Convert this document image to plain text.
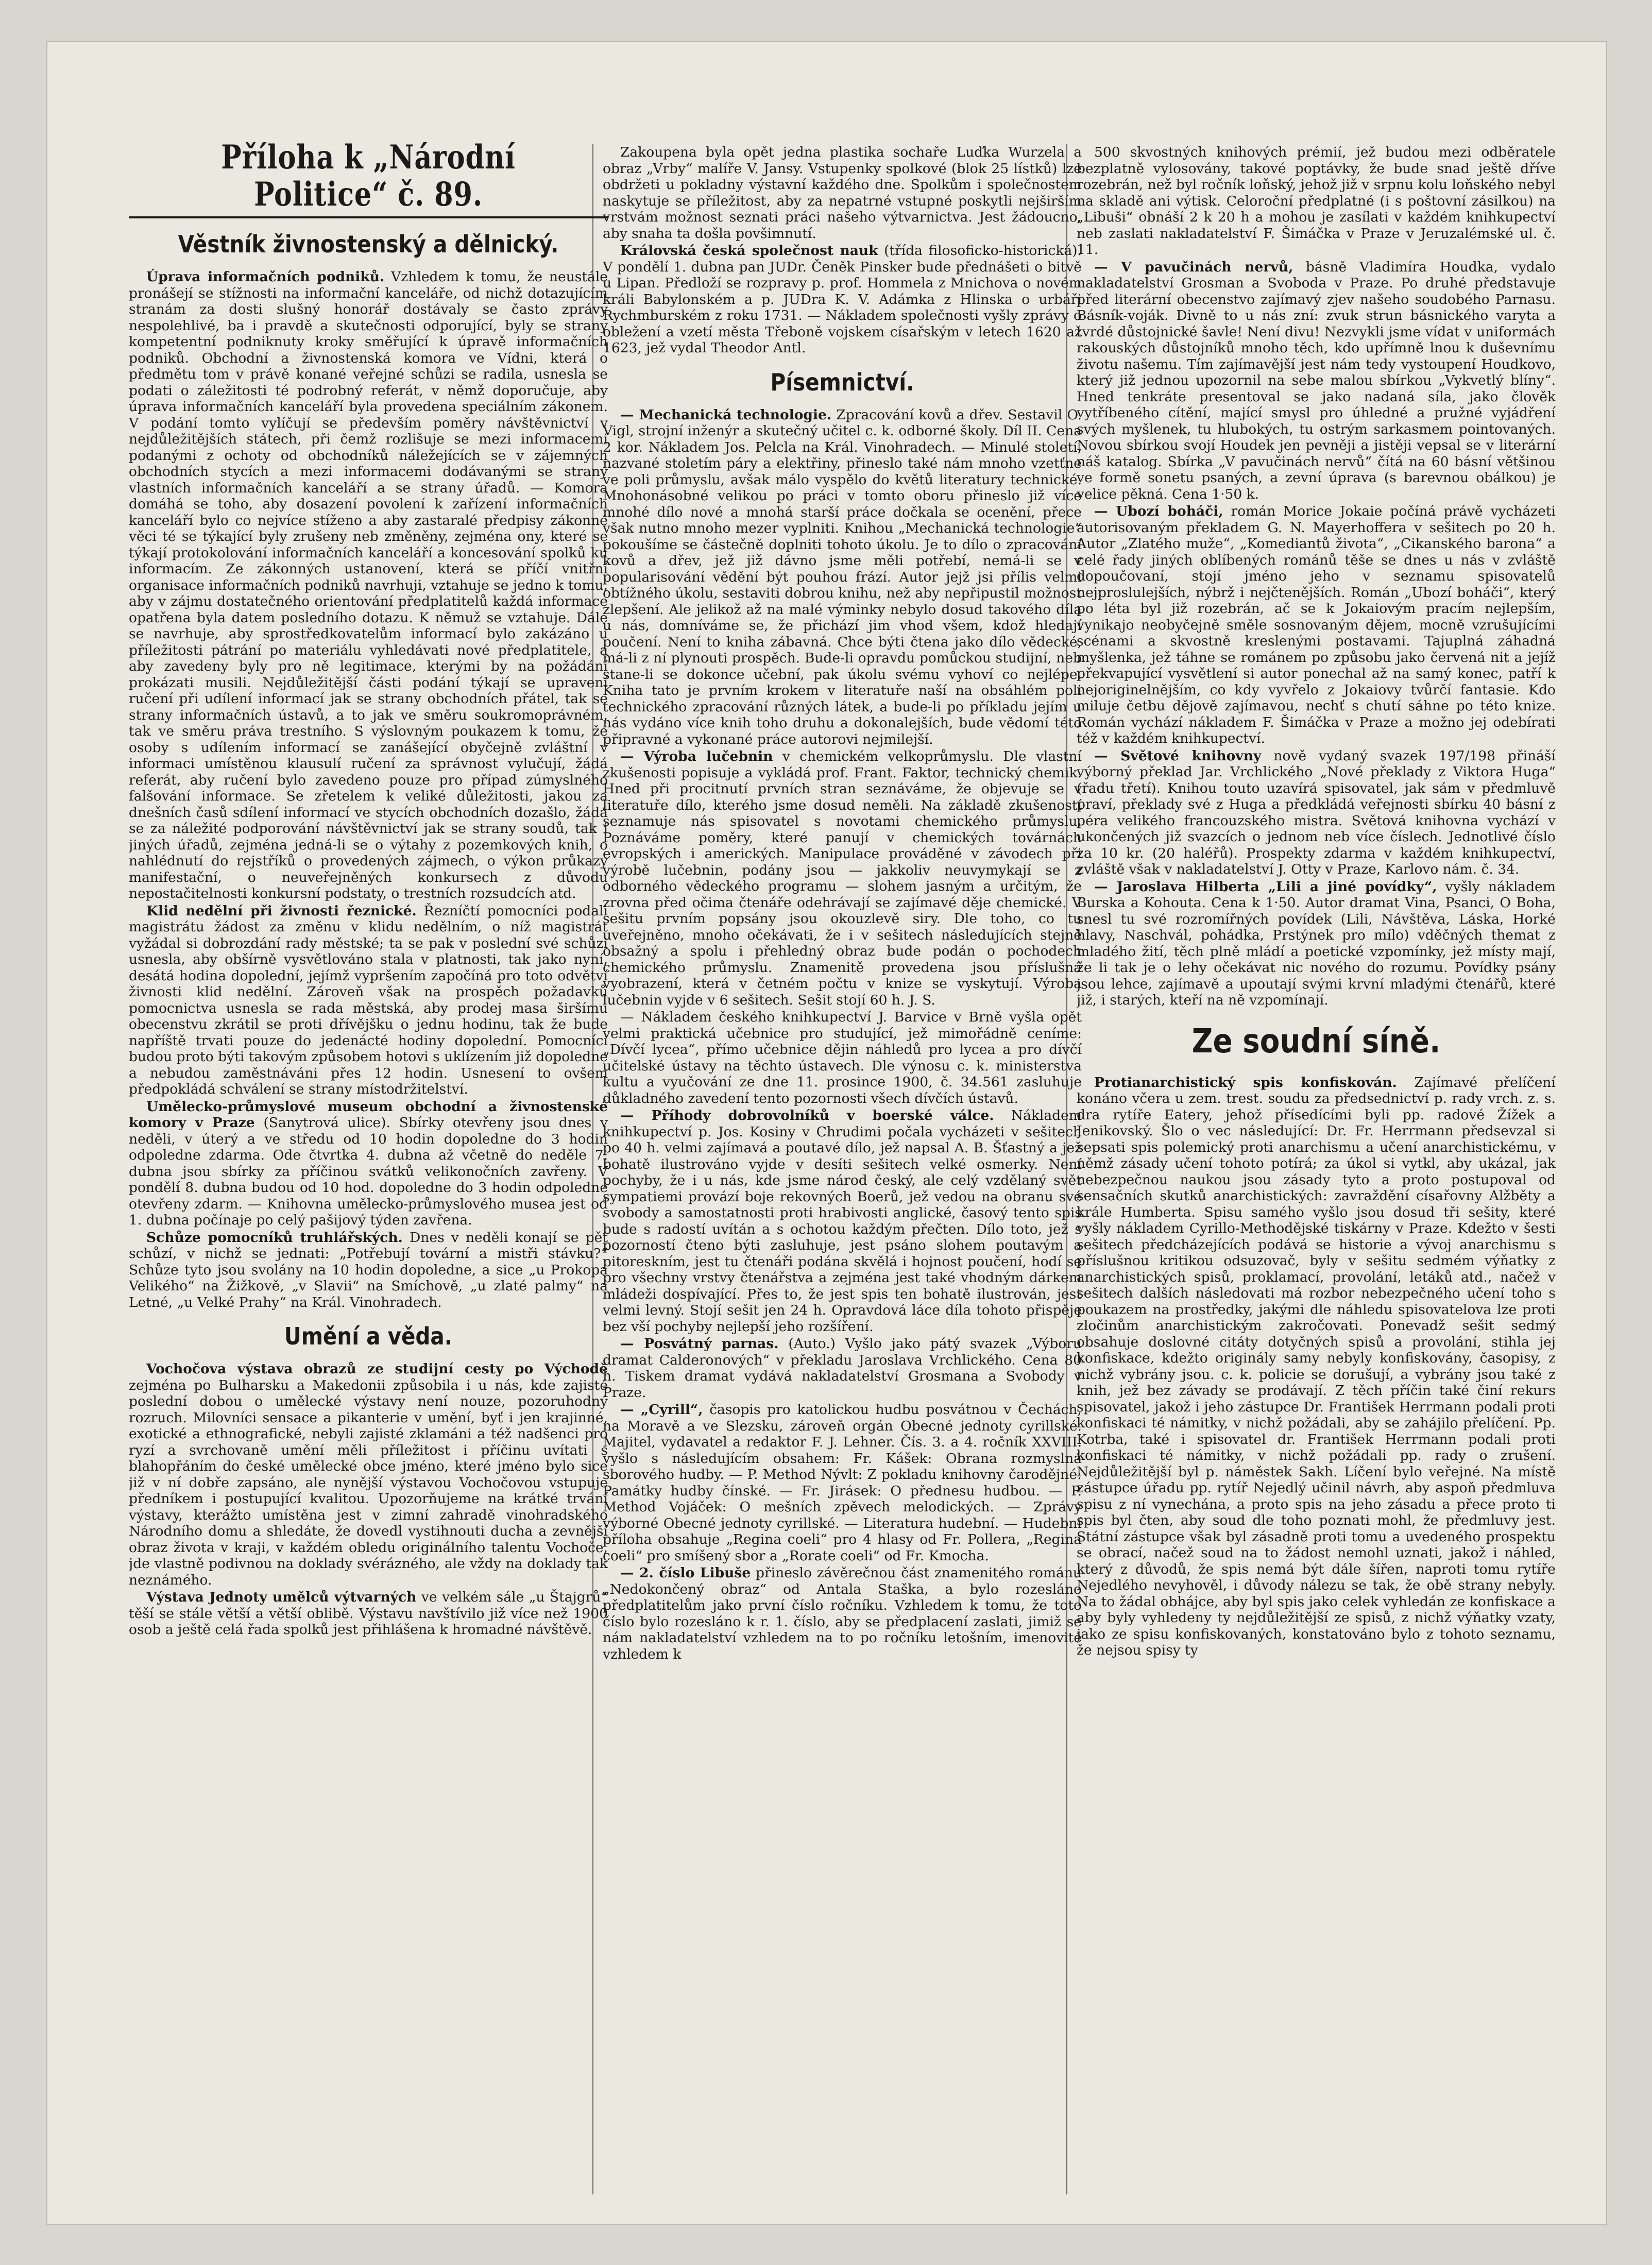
Příloha k „Národní Politice“ č. 89.
Věstník živnostenský a dělnický.

Úprava informačních podniků. Vzhledem k tomu, že neustále pronášejí se stížnosti na informační kanceláře, od nichž dotazujícím stranám za dosti slušný honorář dostávaly se často zprávy nespolehlivé, ba i pravdě a skutečnosti odporující, byly se strany kompetentní podniknuty kroky směřující k úpravě informačních podniků. Obchodní a živnostenská komora ve Vídni, která o předmětu tom v právě konané veřejné schůzi se radila, usnesla se podati o záležitosti té podrobný referát, v němž doporučuje, aby úprava informačních kanceláří byla provedena speciálním zákonem. V podání tomto vylíčují se především poměry návštěvnictví v nejdůležitějších státech, při čemž rozlišuje se mezi informacemi podanými z ochoty od obchodníků náležejících se v zájemných obchodních stycích a mezi informacemi dodávanými se strany vlastních informačních kanceláří a se strany úřadů. — Komora domáhá se toho, aby dosazení povolení k zařízení informačních kanceláří bylo co nejvíce stíženo a aby zastaralé předpisy zákonné věci té se týkající byly zrušeny neb změněny, zejména ony, které se týkají protokolování informačních kanceláří a koncesování spolků ku informacím. Ze zákonných ustanovení, která se příčí vnitřní organisace informačních podniků navrhuji, vztahuje se jedno k tomu, aby v zájmu dostatečného orientování předplatitelů každá informace opatřena byla datem posledního dotazu. K němuž se vztahuje. Dále se navrhuje, aby sprostředkovatelům informací bylo zakázáno u příležitosti pátrání po materiálu vyhledávati nové předplatitele, a aby zavedeny byly pro ně legitimace, kterými by na požádání prokázati musili. Nejdůležitější části podání týkají se upravení ručení při udílení informací jak se strany obchodních přátel, tak se strany informačních ústavů, a to jak ve směru soukromoprávném, tak ve směru práva trestního. S výslovným poukazem k tomu, že osoby s udílením informací se zanášející obyčejně zvláštní v informaci umístěnou klausulí ručení za správnost vylučují, žádá referát, aby ručení bylo zavedeno pouze pro případ zúmyslného falšování informace. Se zřetelem k veliké důležitosti, jakou za dnešních časů sdílení informací ve stycích obchodních dozašlo, žádá se za náležité podporování návštěvnictví jak se strany soudů, tak i jiných úřadů, zejména jedná-li se o výtahy z pozemkových knih, o nahlédnutí do rejstříků o provedených zájmech, o výkon průkazy manifestační, o neuveřejněných konkursech z důvodu nepostačitelnosti konkursní podstaty, o trestních rozsudcích atd.

Klid nedělní při živnosti řeznické. Řezníčtí pomocníci podali magistrátu žádost za změnu v klidu nedělním, o níž magistrát vyžádal si dobrozdání rady městské; ta se pak v poslední své schůzi usnesla, aby obšírně vysvětlováno stala v platnosti, tak jako nyní, desátá hodina dopolední, jejímž vypršením započíná pro toto odvětví živnosti klid nedělní. Zároveň však na prospěch požadavků pomocnictva usnesla se rada městská, aby prodej masa širšímu obecenstvu zkrátil se proti dřívějšku o jednu hodinu, tak že bude napříště trvati pouze do jedenácté hodiny dopolední. Pomocníci budou proto býti takovým způsobem hotovi s uklízením již dopoledne a nebudou zaměstnáváni přes 12 hodin. Usnesení to ovšem předpokládá schválení se strany místodržitelství.

Umělecko-průmyslové museum obchodní a živnostenské komory v Praze (Sanytrová ulice). Sbírky otevřeny jsou dnes v neděli, v úterý a ve středu od 10 hodin dopoledne do 3 hodin odpoledne zdarma. Ode čtvrtka 4. dubna až včetně do neděle 7. dubna jsou sbírky za příčinou svátků velikonočních zavřeny. V pondělí 8. dubna budou od 10 hod. dopoledne do 3 hodin odpoledne otevřeny zdarm. — Knihovna umělecko-průmyslového musea jest od 1. dubna počínaje po celý pašijový týden zavřena.

Schůze pomocníků truhlářských. Dnes v neděli konají se pět schůzí, v nichž se jednati: „Potřebují tovární a mistři stávku?“ Schůze tyto jsou svolány na 10 hodin dopoledne, a sice „u Prokopa Velikého“ na Žižkově, „v Slavii“ na Smíchově, „u zlaté palmy“ na Letné, „u Velké Prahy“ na Král. Vinohradech.

Umění a věda.

Vochočova výstava obrazů ze studijní cesty po Východě zejména po Bulharsku a Makedonii způsobila i u nás, kde zajisté poslední dobou o umělecké výstavy není nouze, pozoruhodný rozruch. Milovníci sensace a pikanterie v umění, byť i jen krajinné, exotické a ethnografické, nebyli zajisté zklamáni a též nadšenci pro ryzí a svrchovaně umění měli příležitost i příčinu uvítati s blahopřáním do české umělecké obce jméno, které jméno bylo sice již v ní dobře zapsáno, ale nynější výstavou Vochočovou vstupuje předníkem i postupující kvalitou. Upozorňujeme na krátké trvání výstavy, kterážto umístěna jest v zimní zahradě vinohradského Národního domu a shledáte, že dovedl vystihnouti ducha a zevnější obraz života v kraji, v každém obledu originálního talentu Vochoče, jde vlastně podivnou na doklady svérázného, ale vždy na doklady tak neznámého.

Výstava Jednoty umělců výtvarných ve velkém sále „u Štajgrů“ těší se stále větší a větší oblibě. Výstavu navštívilo již více než 1900 osob a ještě celá řada spolků jest přihlášena k hromadné návštěvě.

Zakoupena byla opět jedna plastika sochaře Luďka Wurzela a obraz „Vrby“ malíře V. Jansy. Vstupenky spolkové (blok 25 lístků) lze obdržeti u pokladny výstavní každého dne. Spolkům i společnostem naskytuje se příležitost, aby za nepatrné vstupné poskytli nejširším vrstvám možnost seznati práci našeho výtvarnictva. Jest žádoucno, aby snaha ta došla povšimnutí.

Královská česká společnost nauk (třída filosoficko-historická). V pondělí 1. dubna pan JUDr. Čeněk Pinsker bude přednášeti o bitvě u Lipan. Předloží se rozpravy p. prof. Hommela z Mnichova o novém králi Babylonském a p. JUDra K. V. Adámka z Hlinska o urbáři Rychmburském z roku 1731. — Nákladem společnosti vyšly zprávy o obležení a vzetí města Třeboně vojskem císařským v letech 1620 až 1623, jež vydal Theodor Antl.

Písemnictví.

— Mechanická technologie. Zpracování kovů a dřev. Sestavil O. Vigl, strojní inženýr a skutečný učitel c. k. odborné školy. Díl II. Cena 2 kor. Nákladem Jos. Pelcla na Král. Vinohradech. — Minulé století, nazvané stoletím páry a elektřiny, přineslo také nám mnoho vzetťne ve poli průmyslu, avšak málo vyspělo do květů literatury technické. Mnohonásobné velikou po práci v tomto oboru přineslo již více mnohé dílo nové a mnohá starší práce dočkala se ocenění, přece však nutno mnoho mezer vyplniti. Knihou „Mechanická technologie“ pokoušíme se částečně doplniti tohoto úkolu. Je to dílo o zpracování kovů a dřev, jež již dávno jsme měli potřebí, nemá-li se v popularisování vědění být pouhou frází. Autor jejž jsi přílis velmi obtížného úkolu, sestaviti dobrou knihu, než aby nepřipustil možnost zlepšení. Ale jelikož až na malé výminky nebylo dosud takového díla u nás, domníváme se, že přichází jim vhod všem, kdož hledají poučení. Není to kniha zábavná. Chce býti čtena jako dílo vědecké, má-li z ní plynouti prospěch. Bude-li opravdu pomůckou studijní, neb stane-li se dokonce učební, pak úkolu svému vyhoví co nejlépe. Kniha tato je prvním krokem v literatuře naší na obsáhlém poli technického zpracování různých látek, a bude-li po příkladu jejím u nás vydáno více knih toho druhu a dokonalejších, bude vědomí této připravné a vykonané práce autorovi nejmilejší.

— Výroba lučebnin v chemickém velkoprůmyslu. Dle vlastní zkušenosti popisuje a vykládá prof. Frant. Faktor, technický chemik. Hned při procitnutí prvních stran seznáváme, že objevuje se v literatuře dílo, kterého jsme dosud neměli. Na základě zkušeností seznamuje nás spisovatel s novotami chemického průmyslu. Poznáváme poměry, které panují v chemických továrnách evropských i amerických. Manipulace prováděné v závodech při výrobě lučebnin, podány jsou — jakkoliv neuvymykají se z odborného vědeckého programu — slohem jasným a určitým, že zrovna před očima čtenáře odehrávají se zajímavé děje chemické. V sešitu prvním popsány jsou okouzlevě siry. Dle toho, co tu uveřejněno, mnoho očekávati, že i v sešitech následujících stejně obsažný a spolu i přehledný obraz bude podán o pochodech chemického průmyslu. Znamenitě provedena jsou příslušná vyobrazení, která v četném počtu v knize se vyskytují. Výroba lučebnin vyjde v 6 sešitech. Sešit stojí 60 h. J. S.

— Nákladem českého knihkupectví J. Barvice v Brně vyšla opět velmi praktická učebnice pro studující, jež mimořádně ceníme: „Dívčí lycea“, přímo učebnice dějin náhledů pro lycea a pro dívčí učitelské ústavy na těchto ústavech. Dle výnosu c. k. ministerstva kultu a vyučování ze dne 11. prosince 1900, č. 34.561 zasluhuje důkladného zavedení tento pozornosti všech dívčích ústavů.

— Příhody dobrovolníků v boerské válce. Nákladem knihkupectví p. Jos. Kosiny v Chrudimi počala vycházeti v sešitech po 40 h. velmi zajímavá a poutavé dílo, jež napsal A. B. Šťastný a jež bohatě ilustrováno vyjde v desíti sešitech velké osmerky. Není pochyby, že i u nás, kde jsme národ český, ale celý vzdělaný svět sympatiemi provází boje rekovných Boerů, jež vedou na obranu své svobody a samostatnosti proti hrabivosti anglické, časový tento spis bude s radostí uvítán a s ochotou každým přečten. Dílo toto, jež s pozorností čteno býti zasluhuje, jest psáno slohem poutavým a pitoreskním, jest tu čtenáři podána skvělá i hojnost poučení, hodí se pro všechny vrstvy čtenářstva a zejména jest také vhodným dárkem mládeži dospívající. Přes to, že jest spis ten bohatě ilustrován, jest velmi levný. Stojí sešit jen 24 h. Opravdová láce díla tohoto přispěje bez vší pochyby nejlepší jeho rozšíření.

— Posvátný parnas. (Auto.) Vyšlo jako pátý svazek „Výboru dramat Calderonových“ v překladu Jaroslava Vrchlického. Cena 80 h. Tiskem dramat vydává nakladatelství Grosmana a Svobody v Praze.

— „Cyrill“, časopis pro katolickou hudbu posvátnou v Čechách, na Moravě a ve Slezsku, zároveň orgán Obecné jednoty cyrillské. Majitel, vydavatel a redaktor F. J. Lehner. Čís. 3. a 4. ročník XXVIII. vyšlo s následujícím obsahem: Fr. Kášek: Obrana rozmyslná sborového hudby. — P. Method Nývlt: Z pokladu knihovny čarodějné: Památky hudby čínské. — Fr. Jirásek: O přednesu hudbou. — P. Method Vojáček: O mešních zpěvech melodických. — Zprávy výborné Obecné jednoty cyrillské. — Literatura hudební. — Hudební příloha obsahuje „Regina coeli“ pro 4 hlasy od Fr. Pollera, „Regina coeli“ pro smíšený sbor a „Rorate coeli“ od Fr. Kmocha.

— 2. číslo Libuše přineslo závěrečnou část znamenitého románu „Nedokončený obraz“ od Antala Staška, a bylo rozesláno předplatitelům jako první číslo ročníku. Vzhledem k tomu, že toto číslo bylo rozesláno k r. 1. číslo, aby se předplacení zaslati, jimiž se nám nakladatelství vzhledem na to po ročníku letošním, imenovité vzhledem k

500 skvostných knihových prémií, jež budou mezi odběratele bezplatně vylosovány, takové poptávky, že bude snad ještě dříve rozebrán, než byl ročník loňský, jehož již v srpnu kolu loňského nebyl na skladě ani výtisk. Celoroční předplatné (i s poštovní zásilkou) na „Libuši“ obnáší 2 k 20 h a mohou je zasílati v každém knihkupectví neb zaslati nakladatelství F. Šimáčka v Praze v Jeruzalémské ul. č. 11.

— V pavučinách nervů, básně Vladimíra Houdka, vydalo nakladatelství Grosman a Svoboda v Praze. Po druhé představuje před literární obecenstvo zajímavý zjev našeho soudobého Parnasu. Básník-voják. Divně to u nás zní: zvuk strun básnického varyta a tvrdé důstojnické šavle! Není divu! Nezvykli jsme vídat v uniformách rakouských důstojníků mnoho těch, kdo upřímně lnou k duševnímu životu našemu. Tím zajímavější jest nám tedy vystoupení Houdkovo, který již jednou upozornil na sebe malou sbírkou „Vykvetlý blíny“. Hned tenkráte presentoval se jako nadaná síla, jako člověk vytříbeného cítění, mající smysl pro úhledné a pružné vyjádření svých myšlenek, tu hlubokých, tu ostrým sarkasmem pointovaných. Novou sbírkou svojí Houdek jen pevněji a jistěji vepsal se v literární náš katalog. Sbírka „V pavučinách nervů“ čítá na 60 básní většinou ve formě sonetu psaných, a zevní úprava (s barevnou obálkou) je velice pěkná. Cena 1·50 k.

— Ubozí boháči, román Morice Jokaie počíná právě vycházeti autorisovaným překladem G. N. Mayerhoffera v sešitech po 20 h. Autor „Zlatého muže“, „Komediantů života“, „Cikanského barona“ a celé řady jiných oblíbených románů těše se dnes u nás v zvláště dopoučovaní, stojí jméno jeho v seznamu spisovatelů nejproslulejších, nýbrž i nejčtenějších. Román „Ubozí boháči“, který po léta byl již rozebrán, ač se k Jokaiovým pracím nejlepším, vynikajo neobyčejně směle sosnovaným dějem, mocně vzrušujícími scénami a skvostně kreslenými postavami. Tajuplná záhadná myšlenka, jež táhne se románem po způsobu jako červená nit a jejíž překvapující vysvětlení si autor ponechal až na samý konec, patří k nejoriginelnějším, co kdy vyvřelo z Jokaiovy tvůrčí fantasie. Kdo miluje četbu dějově zajímavou, nechť s chutí sáhne po této knize. Román vychází nákladem F. Šimáčka v Praze a možno jej odebírati též v každém knihkupectví.

— Světové knihovny nově vydaný svazek 197/198 přináší výborný překlad Jar. Vrchlického „Nové překlady z Viktora Huga“ (řadu třetí). Knihou touto uzavírá spisovatel, jak sám v předmluvě praví, překlady své z Huga a předkládá veřejnosti sbírku 40 básní z péra velikého francouzského mistra. Světová knihovna vychází v ukončených již svazcích o jednom neb více číslech. Jednotlivé číslo za 10 kr. (20 haléřů). Prospekty zdarma v každém knihkupectví, zvláště však v nakladatelství J. Otty v Praze, Karlovo nám. č. 34.

— Jaroslava Hilberta „Lili a jiné povídky“, vyšly nákladem Burska a Kohouta. Cena k 1·50. Autor dramat Vina, Psanci, O Boha, snesl tu své rozromířných povídek (Lili, Návštěva, Láska, Horké hlavy, Naschvál, pohádka, Prstýnek pro mílo) vděčných themat z mladého žití, těch plně mládí a poetické vzpomínky, jež místy mají, že li tak je o lehy očekávat nic nového do rozumu. Povídky psány jsou lehce, zajímavě a upoutají svými krvní mladými čtenářů, které již, i starých, kteří na ně vzpomínají.

Ze soudní síně.

Protianarchistický spis konfiskován. Zajímavé přelíčení konáno včera u zem. trest. soudu za předsednictví p. rady vrch. z. s. dra rytíře Eatery, jehož přísedícími byli pp. radové Žížek a Jenikovský. Šlo o vec následující: Dr. Fr. Herrmann předsevzal si sepsati spis polemický proti anarchismu a učení anarchistickému, v němž zásady učení tohoto potírá; za úkol si vytkl, aby ukázal, jak nebezpečnou naukou jsou zásady tyto a proto postupoval od sensačních skutků anarchistických: zavraždění císařovny Alžběty a krále Humberta. Spisu samého vyšlo jsou dosud tři sešity, které vyšly nákladem Cyrillo-Methodějské tiskárny v Praze. Kdežto v šesti sešitech předcházejících podává se historie a vývoj anarchismu s příslušnou kritikou odsuzovač, byly v sešitu sedmém výňatky z anarchistických spisů, proklamací, provolání, letáků atd., načež v sešitech dalších následovati má rozbor nebezpečného učení toho s poukazem na prostředky, jakými dle náhledu spisovatelova lze proti zločinům anarchistickým zakročovati. Ponevadž sešit sedmý obsahuje doslovné citáty dotyčných spisů a provolání, stihla jej konfiskace, kdežto originály samy nebyly konfiskovány, časopisy, z nichž vybrány jsou. c. k. policie se dorušují, a vybrány jsou také z knih, jež bez závady se prodávají. Z těch příčin také činí rekurs spisovatel, jakož i jeho zástupce Dr. František Herrmann podali proti konfiskaci té námitky, v nichž požádali, aby se zahájilo přelíčení. Pp. Kotrba, také i spisovatel dr. František Herrmann podali proti konfiskaci té námitky, v nichž požádali pp. rady o zrušení. Nejdůležitější byl p. náměstek Sakh. Líčení bylo veřejné. Na místě zástupce úřadu pp. rytíř Nejedlý učinil návrh, aby aspoň předmluva spisu z ní vynechána, a proto spis na jeho zásadu a přece proto ti spis byl čten, aby soud dle toho poznati mohl, že předmluvy jest. Státní zástupce však byl zásadně proti tomu a uvedeného prospektu se obrací, načež soud na to žádost nemohl uznati, jakož i náhled, který z důvodů, že spis nemá být dále šířen, naproti tomu rytíře Nejedlého nevyhověl, i důvody nálezu se tak, že obě strany nebyly. Na to žádal obhájce, aby byl spis jako celek vyhledán ze konfiskace a aby byly vyhledeny ty nejdůležitější ze spisů, z nichž výňatky vzaty, jako ze spisu konfiskovaných, konstatováno bylo z tohoto seznamu, že nejsou spisy ty
